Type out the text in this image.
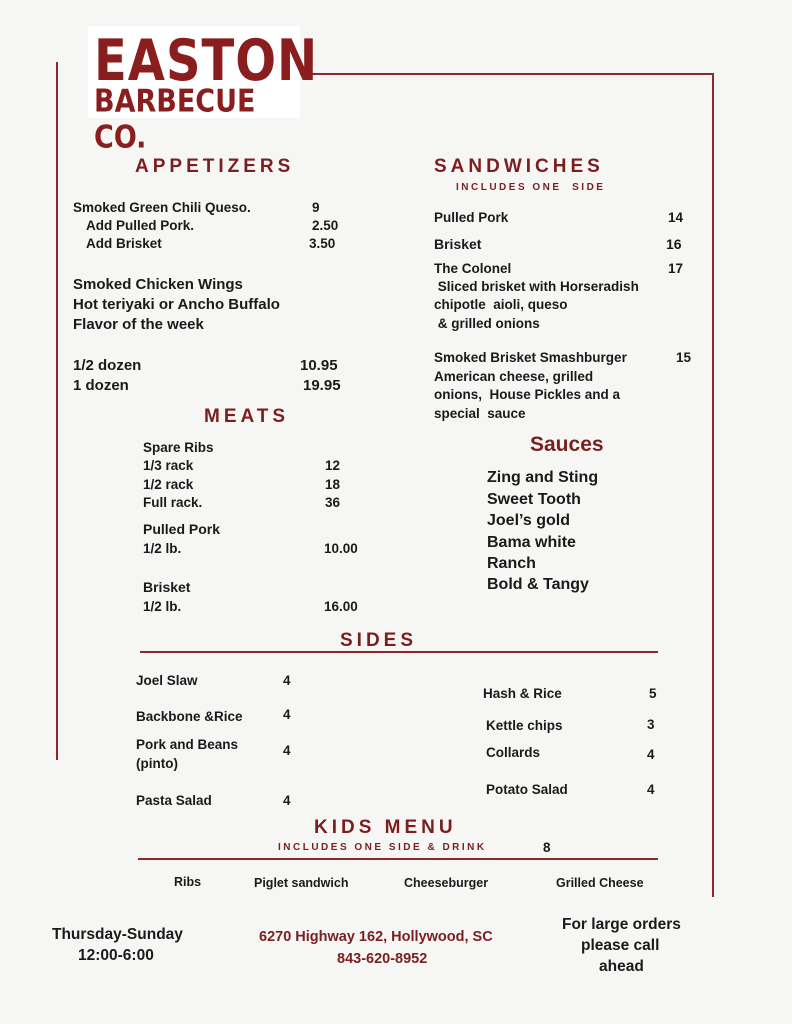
EASTON
BARBECUE CO.
APPETIZERS
Smoked Green Chili Queso.	9
Add Pulled Pork.	2.50
Add Brisket	3.50
Smoked Chicken Wings
Hot teriyaki or Ancho Buffalo
Flavor of the week
1/2 dozen	10.95
1 dozen	19.95
MEATS
Spare Ribs
1/3 rack	12
1/2 rack	18
Full rack.	36
Pulled Pork
1/2 lb.	10.00
Brisket
1/2 lb.	16.00
SANDWICHES
INCLUDES ONE  SIDE
Pulled Pork	14
Brisket	16
The Colonel	17
Sliced brisket with Horseradish
chipotle  aioli, queso
& grilled onions
Smoked Brisket Smashburger	15
American cheese, grilled
onions,  House Pickles and a
special  sauce
Sauces
Zing and Sting
Sweet Tooth
Joel’s gold
Bama white
Ranch
Bold & Tangy
SIDES
Joel Slaw	4
Backbone &Rice	4
Pork and Beans
(pinto)
4
Pasta Salad	4
Hash & Rice	5
Kettle chips	3
Collards	4
Potato Salad	4
KIDS MENU
INCLUDES ONE SIDE & DRINK	8
Ribs	Piglet sandwich	Cheeseburger	Grilled Cheese
Thursday-Sunday
12:00-6:00
6270 Highway 162, Hollywood, SC
843-620-8952
For large orders
please call
ahead
